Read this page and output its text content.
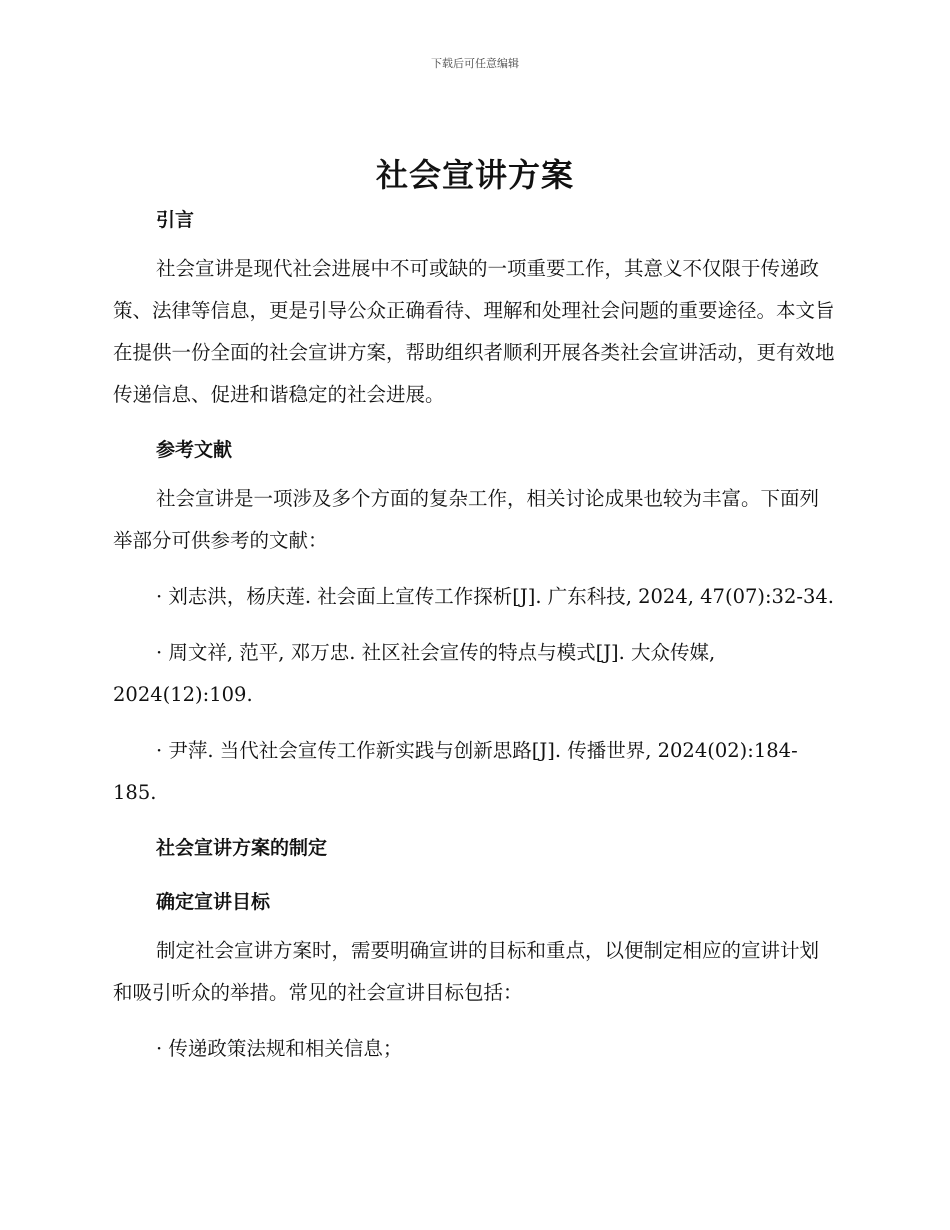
下载后可任意编辑
社会宣讲方案
引言

社会宣讲是现代社会进展中不可或缺的一项重要工作，其意义不仅限于传递政策、法律等信息，更是引导公众正确看待、理解和处理社会问题的重要途径。本文旨在提供一份全面的社会宣讲方案，帮助组织者顺利开展各类社会宣讲活动，更有效地传递信息、促进和谐稳定的社会进展。

参考文献

社会宣讲是一项涉及多个方面的复杂工作，相关讨论成果也较为丰富。下面列举部分可供参考的文献：

· 刘志洪，杨庆莲. 社会面上宣传工作探析[J]. 广东科技, 2024, 47(07):32-34.

· 周文祥, 范平, 邓万忠. 社区社会宣传的特点与模式[J]. 大众传媒, 2024(12):109.

· 尹萍. 当代社会宣传工作新实践与创新思路[J]. 传播世界, 2024(02):184-185.

社会宣讲方案的制定
确定宣讲目标

制定社会宣讲方案时，需要明确宣讲的目标和重点，以便制定相应的宣讲计划和吸引听众的举措。常见的社会宣讲目标包括：

· 传递政策法规和相关信息；
